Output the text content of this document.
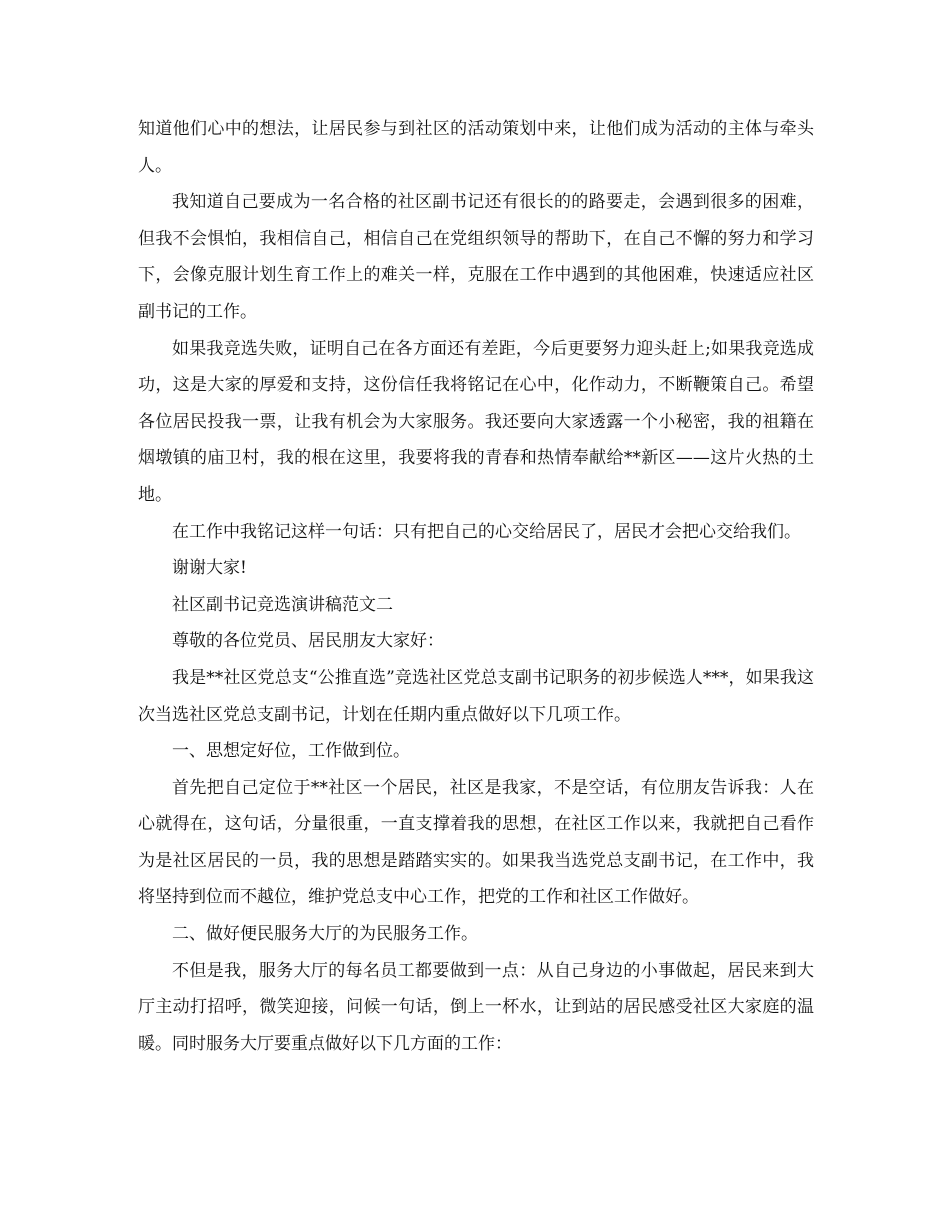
知道他们心中的想法，让居民参与到社区的活动策划中来，让他们成为活动的主体与牵头人。

我知道自己要成为一名合格的社区副书记还有很长的的路要走，会遇到很多的困难，但我不会惧怕，我相信自己，相信自己在党组织领导的帮助下，在自己不懈的努力和学习下，会像克服计划生育工作上的难关一样，克服在工作中遇到的其他困难，快速适应社区副书记的工作。

如果我竞选失败，证明自己在各方面还有差距，今后更要努力迎头赶上;如果我竞选成功，这是大家的厚爱和支持，这份信任我将铭记在心中，化作动力，不断鞭策自己。希望各位居民投我一票，让我有机会为大家服务。我还要向大家透露一个小秘密，我的祖籍在烟墩镇的庙卫村，我的根在这里，我要将我的青春和热情奉献给**新区——这片火热的土地。

在工作中我铭记这样一句话：只有把自己的心交给居民了，居民才会把心交给我们。

谢谢大家!

社区副书记竞选演讲稿范文二

尊敬的各位党员、居民朋友大家好：

我是**社区党总支“公推直选”竞选社区党总支副书记职务的初步候选人***，如果我这次当选社区党总支副书记，计划在任期内重点做好以下几项工作。

一、思想定好位，工作做到位。

首先把自己定位于**社区一个居民，社区是我家，不是空话，有位朋友告诉我：人在心就得在，这句话，分量很重，一直支撑着我的思想，在社区工作以来，我就把自己看作为是社区居民的一员，我的思想是踏踏实实的。如果我当选党总支副书记，在工作中，我将坚持到位而不越位，维护党总支中心工作，把党的工作和社区工作做好。

二、做好便民服务大厅的为民服务工作。

不但是我，服务大厅的每名员工都要做到一点：从自己身边的小事做起，居民来到大厅主动打招呼，微笑迎接，问候一句话，倒上一杯水，让到站的居民感受社区大家庭的温暖。同时服务大厅要重点做好以下几方面的工作：
